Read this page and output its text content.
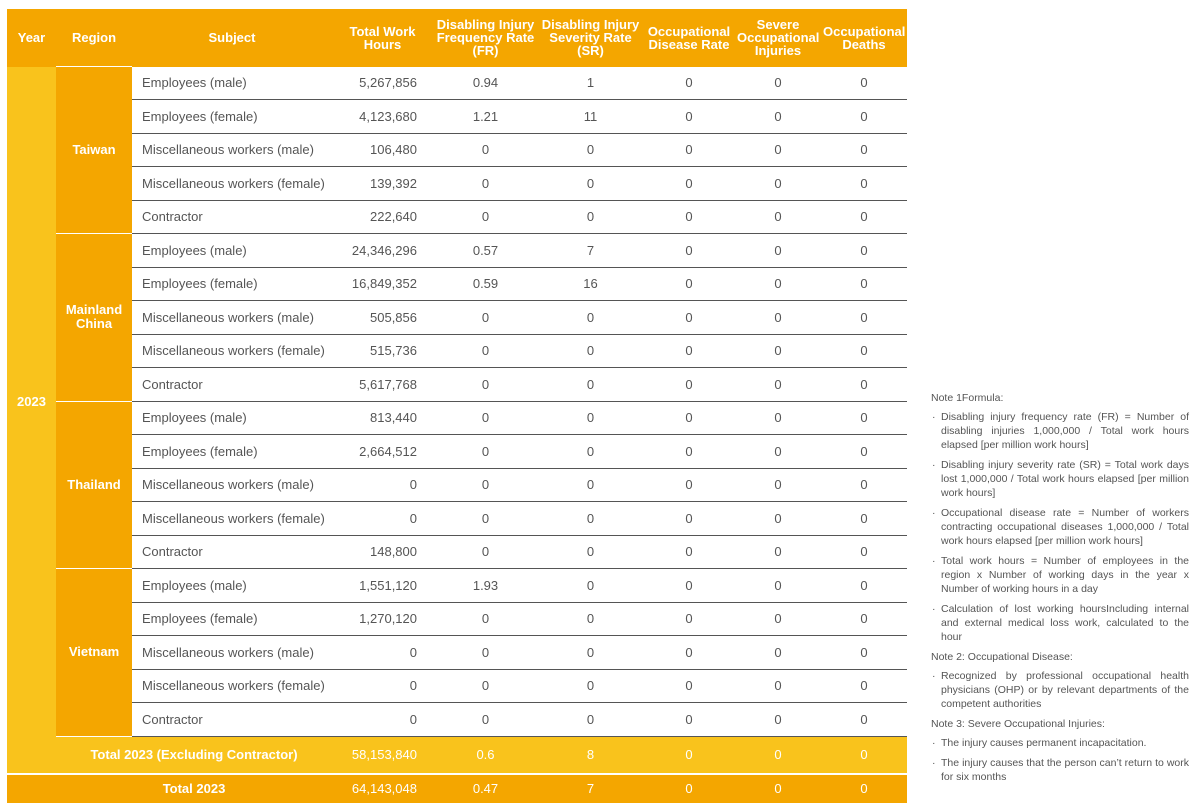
Year	Region	Subject	Total Work Hours	Disabling Injury Frequency Rate (FR)	Disabling Injury Severity Rate (SR)	Occupational Disease Rate	Severe Occupational Injuries	Occupational Deaths
2023	Taiwan	Employees (male)	5,267,856	0.94	1	0	0	0
		Employees (female)	4,123,680	1.21	11	0	0	0
		Miscellaneous workers (male)	106,480	0	0	0	0	0
		Miscellaneous workers (female)	139,392	0	0	0	0	0
		Contractor	222,640	0	0	0	0	0
	Mainland China	Employees (male)	24,346,296	0.57	7	0	0	0
		Employees (female)	16,849,352	0.59	16	0	0	0
		Miscellaneous workers (male)	505,856	0	0	0	0	0
		Miscellaneous workers (female)	515,736	0	0	0	0	0
		Contractor	5,617,768	0	0	0	0	0
	Thailand	Employees (male)	813,440	0	0	0	0	0
		Employees (female)	2,664,512	0	0	0	0	0
		Miscellaneous workers (male)	0	0	0	0	0	0
		Miscellaneous workers (female)	0	0	0	0	0	0
		Contractor	148,800	0	0	0	0	0
	Vietnam	Employees (male)	1,551,120	1.93	0	0	0	0
		Employees (female)	1,270,120	0	0	0	0	0
		Miscellaneous workers (male)	0	0	0	0	0	0
		Miscellaneous workers (female)	0	0	0	0	0	0
		Contractor	0	0	0	0	0	0
	Total 2023 (Excluding Contractor)		58,153,840	0.6	8	0	0	0
	Total 2023		64,143,048	0.47	7	0	0	0
Note 1Formula:
· Disabling injury frequency rate (FR) = Number of disabling injuries 1,000,000 / Total work hours elapsed [per million work hours]
· Disabling injury severity rate (SR) = Total work days lost 1,000,000 / Total work hours elapsed [per million work hours]
· Occupational disease rate = Number of workers contracting occupational diseases 1,000,000 / Total work hours elapsed [per million work hours]
· Total work hours = Number of employees in the region x Number of working days in the year x Number of working hours in a day
· Calculation of lost working hoursIncluding internal and external medical loss work, calculated to the hour
Note 2: Occupational Disease:
· Recognized by professional occupational health physicians (OHP) or by relevant departments of the competent authorities
Note 3: Severe Occupational Injuries:
· The injury causes permanent incapacitation.
· The injury causes that the person can’t return to work for six months
